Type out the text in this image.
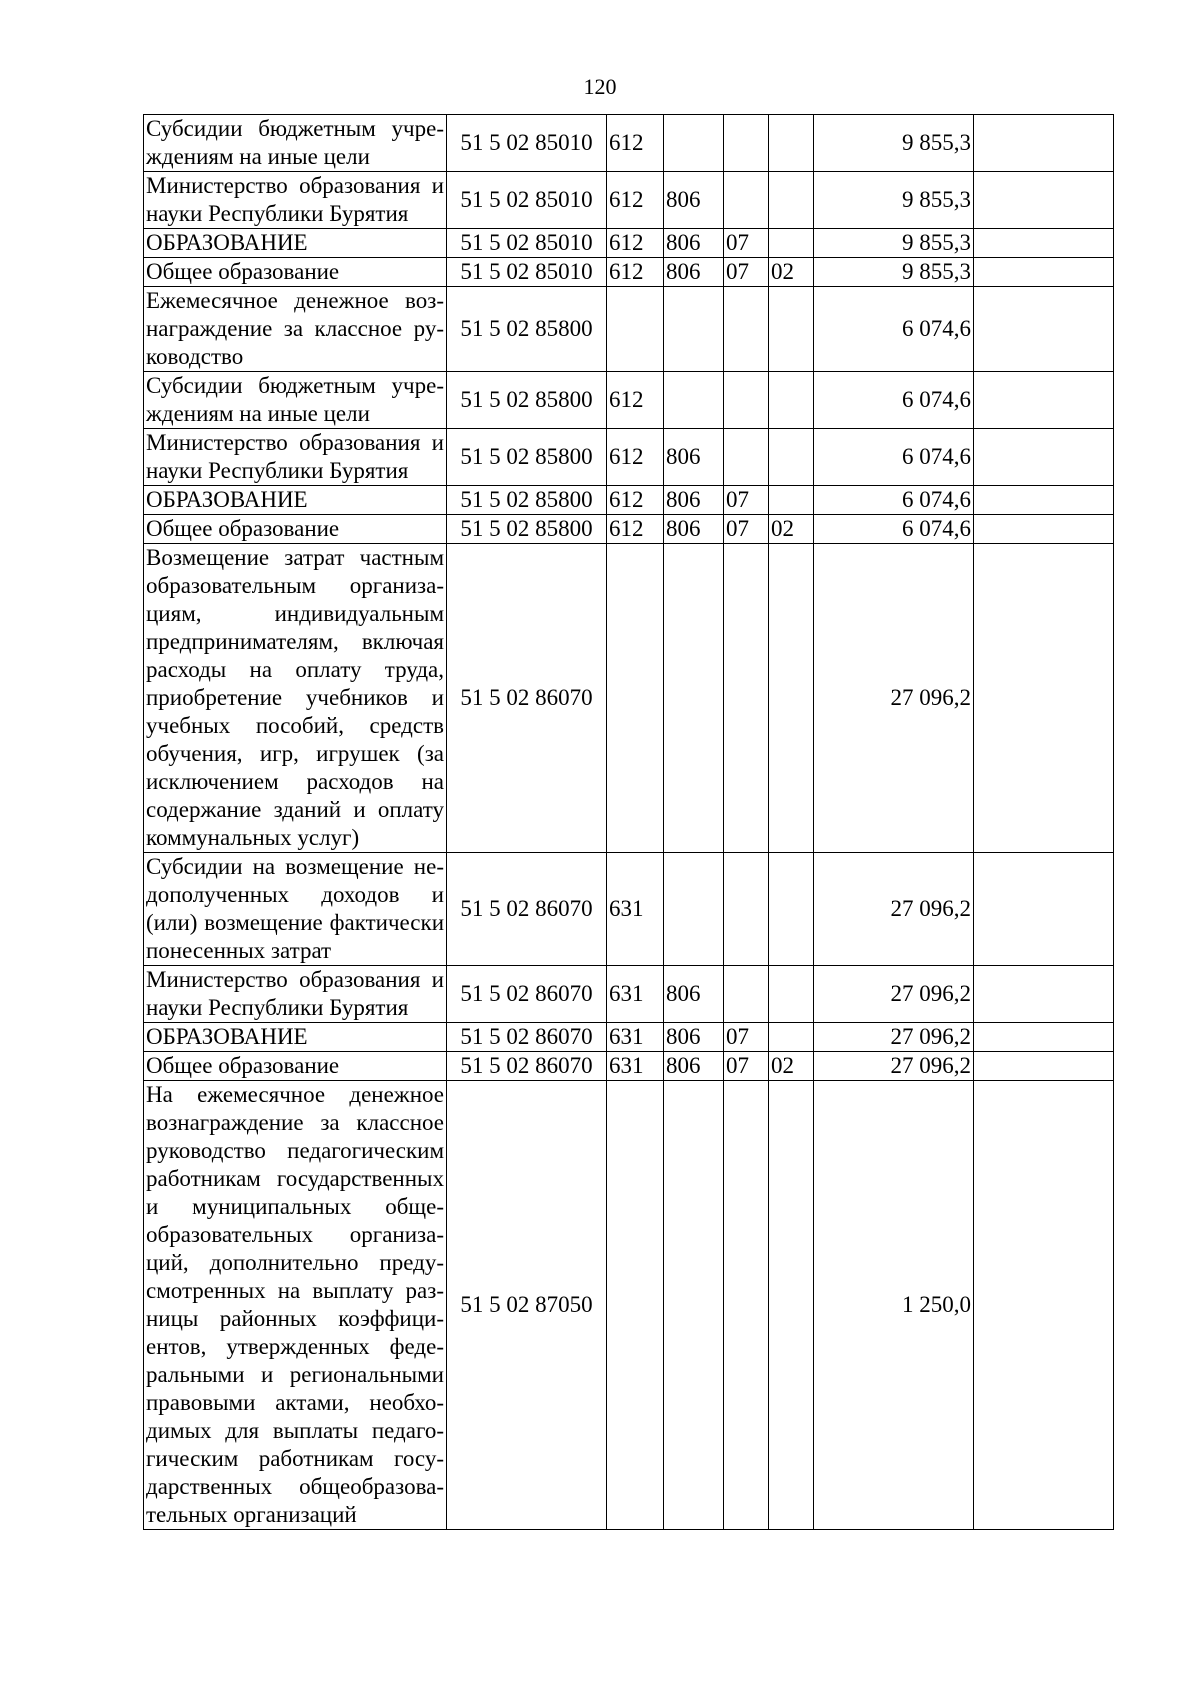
120
Субсидии бюджетным учреждениям на иные цели	51 5 02 85010	612				9 855,3	
Министерство образования и науки Республики Бурятия	51 5 02 85010	612	806			9 855,3	
ОБРАЗОВАНИЕ	51 5 02 85010	612	806	07		9 855,3	
Общее образование	51 5 02 85010	612	806	07	02	9 855,3	
Ежемесячное денежное вознаграждение за классное руководство	51 5 02 85800					6 074,6	
Субсидии бюджетным учреждениям на иные цели	51 5 02 85800	612				6 074,6	
Министерство образования и науки Республики Бурятия	51 5 02 85800	612	806			6 074,6	
ОБРАЗОВАНИЕ	51 5 02 85800	612	806	07		6 074,6	
Общее образование	51 5 02 85800	612	806	07	02	6 074,6	
Возмещение затрат частным образовательным организациям, индивидуальным предпринимателям, включая расходы на оплату труда, приобретение учебников и учебных пособий, средств обучения, игр, игрушек (за исключением расходов на содержание зданий и оплату коммунальных услуг)	51 5 02 86070					27 096,2	
Субсидии на возмещение недополученных доходов и (или) возмещение фактически понесенных затрат	51 5 02 86070	631				27 096,2	
Министерство образования и науки Республики Бурятия	51 5 02 86070	631	806			27 096,2	
ОБРАЗОВАНИЕ	51 5 02 86070	631	806	07		27 096,2	
Общее образование	51 5 02 86070	631	806	07	02	27 096,2	
На ежемесячное денежное вознаграждение за классное руководство педагогическим работникам государственных и муниципальных общеобразовательных организаций, дополнительно предусмотренных на выплату разницы районных коэффициентов, утвержденных федеральными и региональными правовыми актами, необходимых для выплаты педагогическим работникам государственных общеобразовательных организаций	51 5 02 87050					1 250,0	
